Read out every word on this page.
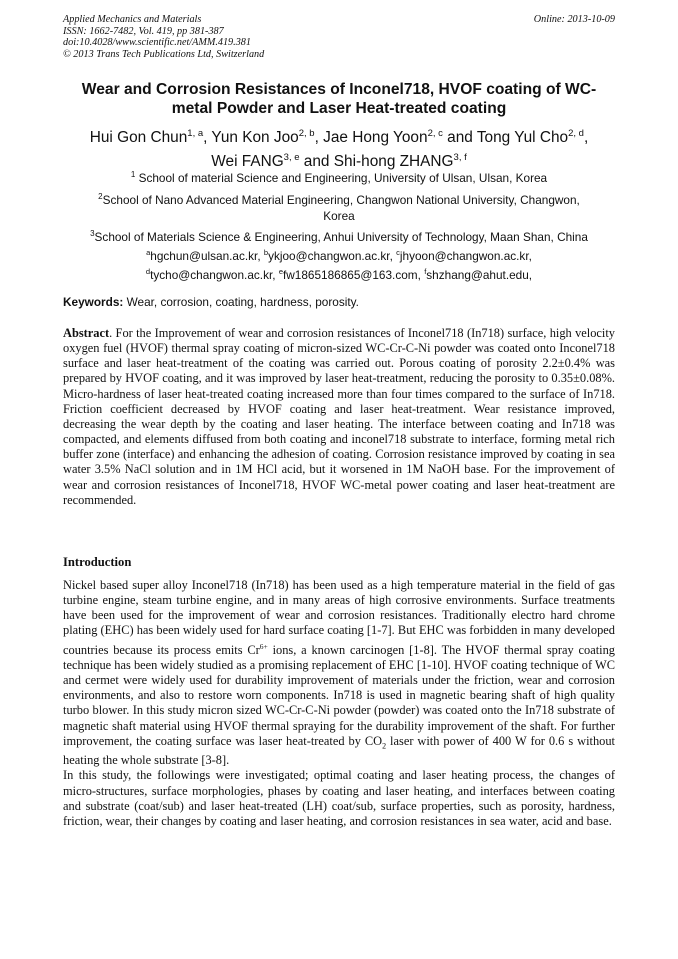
Applied Mechanics and Materials
ISSN: 1662-7482, Vol. 419, pp 381-387
doi:10.4028/www.scientific.net/AMM.419.381
© 2013 Trans Tech Publications Ltd, Switzerland
Online: 2013-10-09
Wear and Corrosion Resistances of Inconel718, HVOF coating of WC-
metal Powder and Laser Heat-treated coating
Hui Gon Chun$^{1, a}$, Yun Kon Joo$^{2, b}$, Jae Hong Yoon$^{2, c}$ and Tong Yul Cho$^{2, d}$,
Wei FANG$^{3, e}$ and Shi-hong ZHANG$^{3, f}$
$^1$ School of material Science and Engineering, University of Ulsan, Ulsan, Korea
$^2$School of Nano Advanced Material Engineering, Changwon National University, Changwon,
Korea
$^3$School of Materials Science & Engineering, Anhui University of Technology, Maan Shan, China
$^a$hgchun@ulsan.ac.kr, $^b$ykjoo@changwon.ac.kr, $^c$jhyoon@changwon.ac.kr,
$^d$tycho@changwon.ac.kr, $^e$fw1865186865@163.com, $^f$shzhang@ahut.edu,
Keywords: Wear, corrosion, coating, hardness, porosity.

Abstract. For the Improvement of wear and corrosion resistances of Inconel718 (In718) surface, high velocity oxygen fuel (HVOF) thermal spray coating of micron-sized WC-Cr-C-Ni powder was coated onto Inconel718 surface and laser heat-treatment of the coating was carried out. Porous coating of porosity 2.2±0.4% was prepared by HVOF coating, and it was improved by laser heat-treatment, reducing the porosity to 0.35±0.08%. Micro-hardness of laser heat-treated coating increased more than four times compared to the surface of In718. Friction coefficient decreased by HVOF coating and laser heat-treatment. Wear resistance improved, decreasing the wear depth by the coating and laser heating. The interface between coating and In718 was compacted, and elements diffused from both coating and inconel718 substrate to interface, forming metal rich buffer zone (interface) and enhancing the adhesion of coating. Corrosion resistance improved by coating in sea water 3.5% NaCl solution and in 1M HCl acid, but it worsened in 1M NaOH base. For the improvement of wear and corrosion resistances of Inconel718, HVOF WC-metal power coating and laser heat-treatment are recommended.

Introduction

Nickel based super alloy Inconel718 (In718) has been used as a high temperature material in the field of gas turbine engine, steam turbine engine, and in many areas of high corrosive environments. Surface treatments have been used for the improvement of wear and corrosion resistances. Traditionally electro hard chrome plating (EHC) has been widely used for hard surface coating [1-7]. But EHC was forbidden in many developed countries because its process emits $Cr^{6+}$ ions, a known carcinogen [1-8]. The HVOF thermal spray coating technique has been widely studied as a promising replacement of EHC [1-10]. HVOF coating technique of WC and cermet were widely used for durability improvement of materials under the friction, wear and corrosion environments, and also to restore worn components. In718 is used in magnetic bearing shaft of high quality turbo blower. In this study micron sized WC-Cr-C-Ni powder (powder) was coated onto the In718 substrate of magnetic shaft material using HVOF thermal spraying for the durability improvement of the shaft. For further improvement, the coating surface was laser heat-treated by $CO_2$ laser with power of 400 W for 0.6 s without heating the whole substrate [3-8].

In this study, the followings were investigated; optimal coating and laser heating process, the changes of micro-structures, surface morphologies, phases by coating and laser heating, and interfaces between coating and substrate (coat/sub) and laser heat-treated (LH) coat/sub, surface properties, such as porosity, hardness, friction, wear, their changes by coating and laser heating, and corrosion resistances in sea water, acid and base.
